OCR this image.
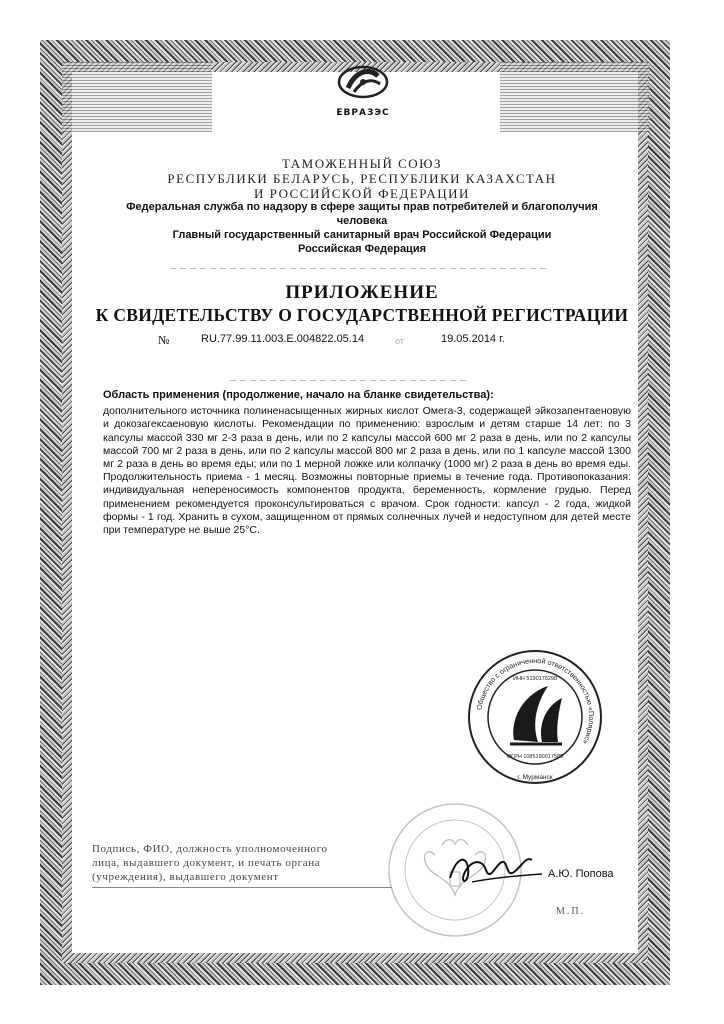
ЕВРАЗЭС
ТАМОЖЕННЫЙ СОЮЗ
РЕСПУБЛИКИ БЕЛАРУСЬ, РЕСПУБЛИКИ КАЗАХСТАН
И РОССИЙСКОЙ ФЕДЕРАЦИИ
Федеральная служба по надзору в сфере защиты прав потребителей и благополучия человека
Главный государственный санитарный врач Российской Федерации
Российская Федерация
ПРИЛОЖЕНИЕ
К СВИДЕТЕЛЬСТВУ О ГОСУДАРСТВЕННОЙ РЕГИСТРАЦИИ
№	RU.77.99.11.003.Е.004822.05.14	от	19.05.2014 г.
Область применения (продолжение, начало на бланке свидетельства):
дополнительного источника полиненасыщенных жирных кислот Омега-3, содержащей эйкозапентаеновую и докозагексаеновую кислоты. Рекомендации по применению: взрослым и детям старше 14 лет: по 3 капсулы массой 330 мг 2-3 раза в день, или по 2 капсулы массой 600 мг 2 раза в день, или по 2 капсулы массой 700 мг 2 раза в день, или по 2 капсулы массой 800 мг 2 раза в день, или по 1 капсуле массой 1300 мг 2 раза в день во время еды; или по 1 мерной ложке или колпачку (1000 мг) 2 раза в день во время еды. Продолжительность приема - 1 месяц. Возможны повторные приемы в течение года. Противопоказания: индивидуальная непереносимость компонентов продукта, беременность, кормление грудью. Перед применением рекомендуется проконсультироваться с врачом. Срок годности: капсул - 2 года, жидкой формы - 1 год. Хранить в сухом, защищенном от прямых солнечных лучей и недоступном для детей месте при температуре не выше 25°С.
Общество с ограниченной ответственностью «Полярис»
ИНН 5190178298
ОГРН 1085190017580
г. Мурманск
Подпись, ФИО, должность уполномоченного
лица, выдавшего документ, и печать органа
(учреждения), выдавшего документ	А.Ю. Попова
М.П.
